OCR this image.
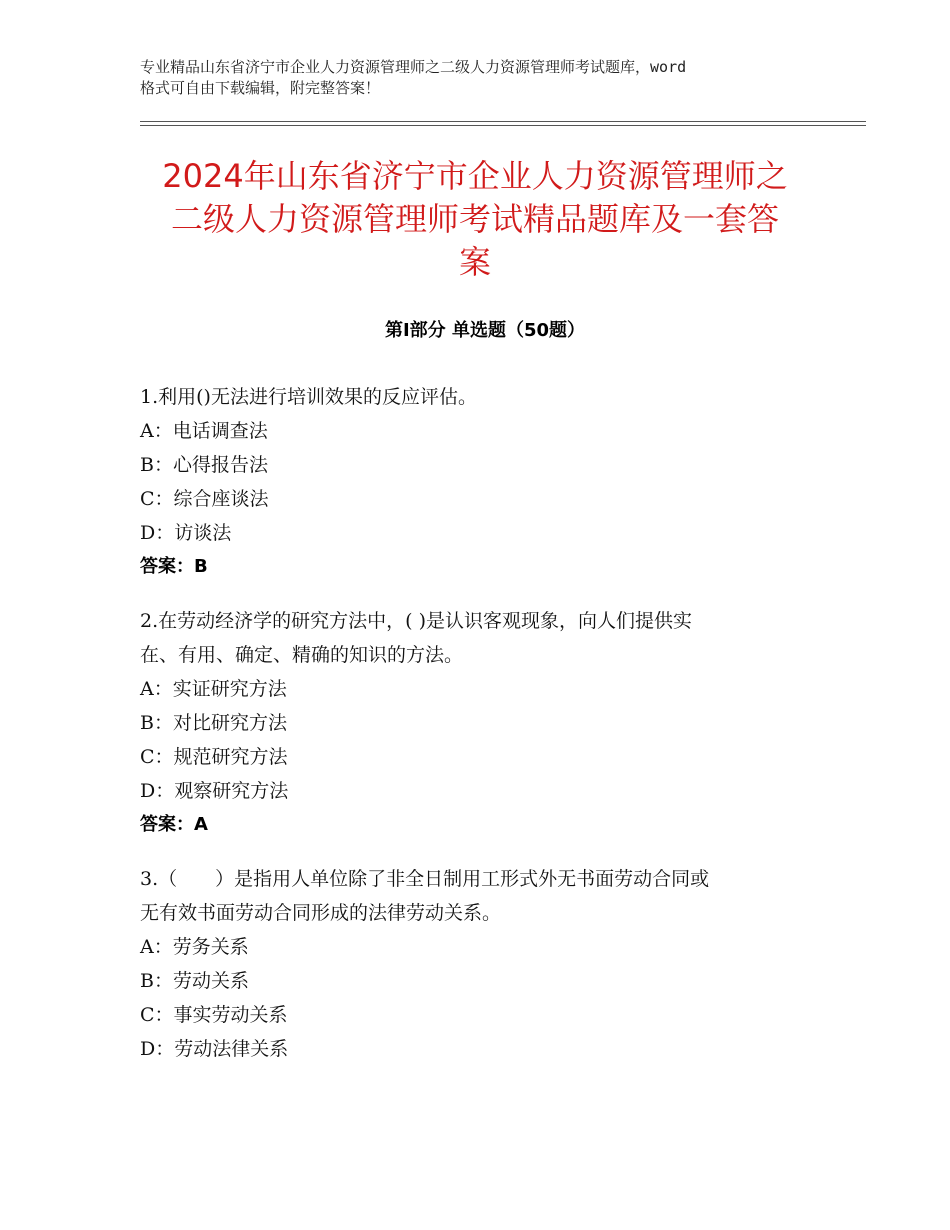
专业精品山东省济宁市企业人力资源管理师之二级人力资源管理师考试题库，word
格式可自由下载编辑，附完整答案！
2024年山东省济宁市企业人力资源管理师之
二级人力资源管理师考试精品题库及一套答
案
第Ⅰ部分 单选题（50题）

1.利用()无法进行培训效果的反应评估。

A：电话调查法

B：心得报告法

C：综合座谈法

D：访谈法

答案：B

2.在劳动经济学的研究方法中，( )是认识客观现象，向人们提供实

在、有用、确定、精确的知识的方法。

A：实证研究方法

B：对比研究方法

C：规范研究方法

D：观察研究方法

答案：A

3.（　　）是指用人单位除了非全日制用工形式外无书面劳动合同或

无有效书面劳动合同形成的法律劳动关系。

A：劳务关系

B：劳动关系

C：事实劳动关系

D：劳动法律关系
